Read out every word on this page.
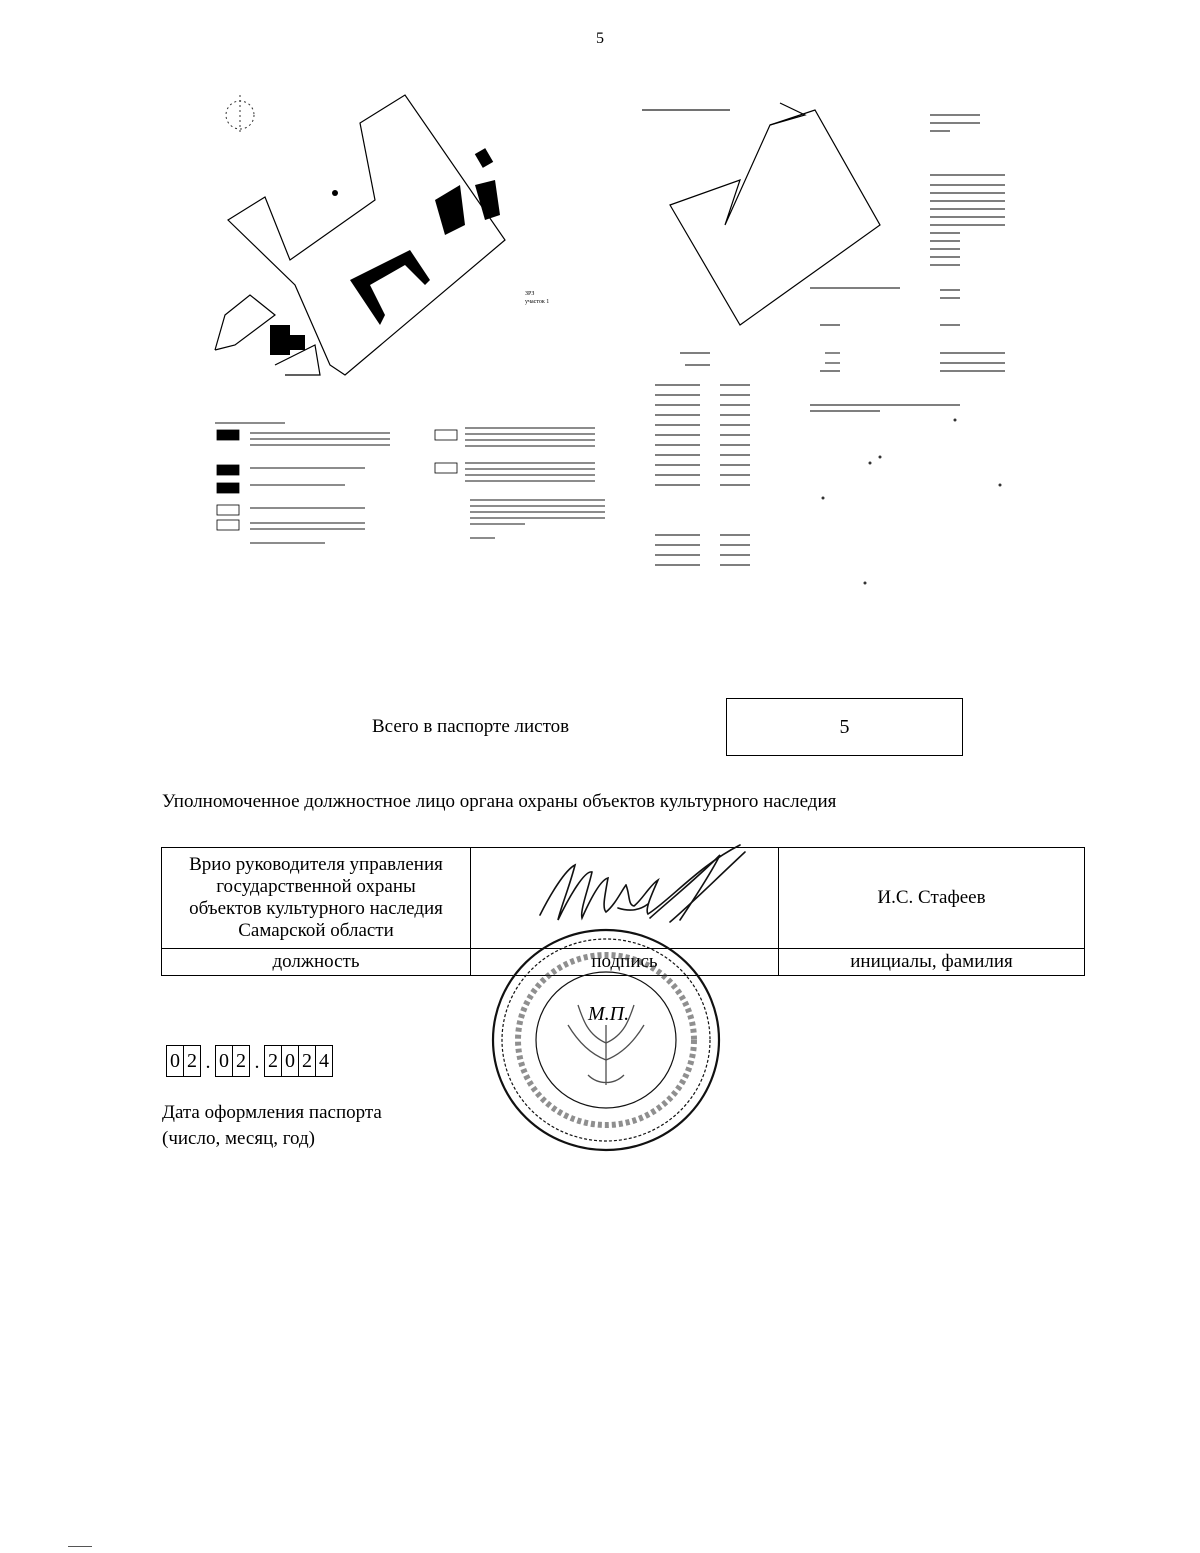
5
ЗРЗ
участок 1
Всего в паспорте листов	5
Уполномоченное должностное лицо органа охраны объектов культурного наследия
Врио руководителя управления
государственной охраны
объектов культурного наследия
Самарской области		И.С. Стафеев
должность	подпись	инициалы, фамилия
М.П.
0 2 . 0 2 . 2 0 2 4
Дата оформления паспорта
(число, месяц, год)
